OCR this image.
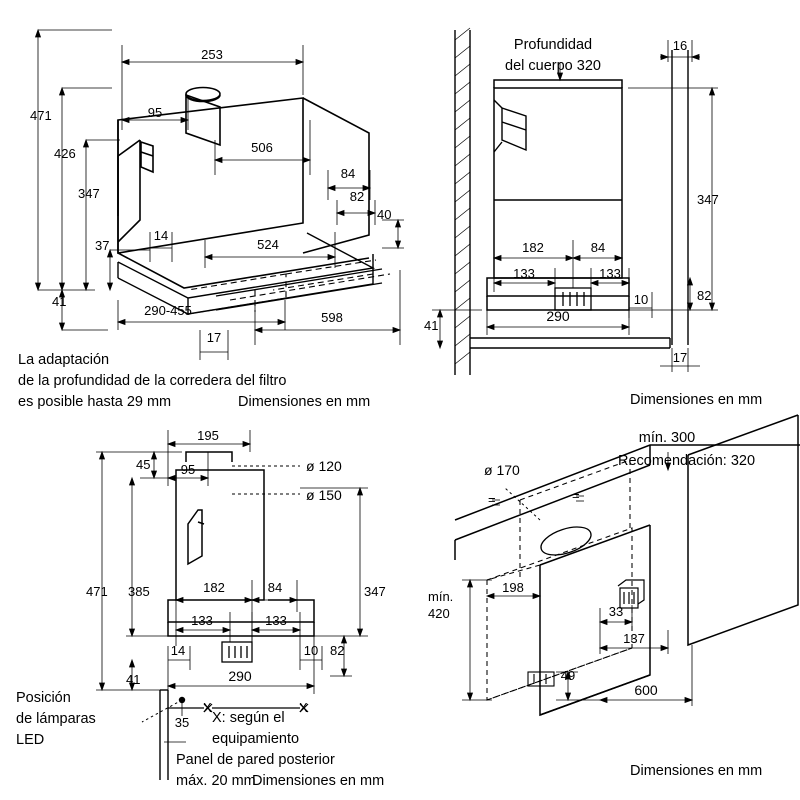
253
95
471
426
347
506
524
84
82
40
37
14
41
17
290-455	598
La adaptación
de la profundidad de la corredera del filtro
es posible hasta 29 mm	Dimensiones en mm
Profundidad
del cuerpo 320
16
347
182	84
133	133
10	82
290
41
17
Dimensiones en mm
195
95
45
471 385	347
182	84
133	133
14	10 82
41	290
35
ø 120
ø 150
Posición
de lámparas
LED
X	X
X: según el
equipamiento
Panel de pared posterior
máx. 20 mm
Dimensiones en mm
mín. 300
Recomendación: 320
ø 170
=	=
mín.
420
198
33
137
49
600
Dimensiones en mm
